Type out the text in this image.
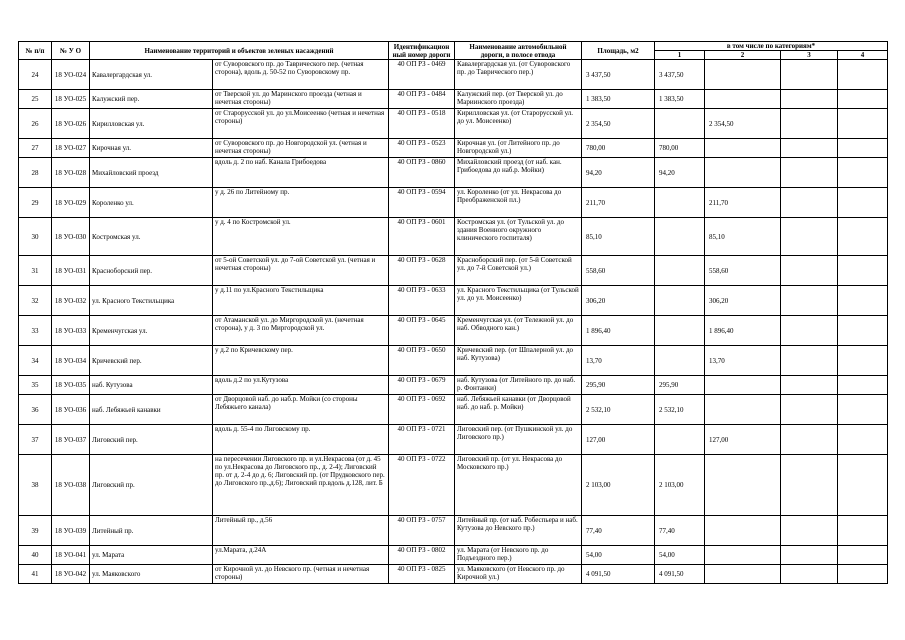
№ п/п	№ У О	Наименование территорий и объектов зеленых насаждений		Идентификацион ный номер дороги	Наименование автомобильной дороги, в полосе отвода	Площадь, м2	в том числе по категориям*			
							1	2	3	4
24	18 УО-024	Кавалергардская ул.	от Суворовского пр. до Таврического пер. (четная сторона), вдоль д. 50-52 по Суворовскому пр.	40 ОП РЗ - 0469	Кавалергардская ул. (от Суворовского пр. до Таврического пер.)	3 437,50	3 437,50			
25	18 УО-025	Калужский пер.	от Тверской ул. до Маринского проезда (четная и нечетная стороны)	40 ОП РЗ - 0484	Калужский пер. (от Тверской ул. до Мариинского проезда)	1 383,50	1 383,50			
26	18 УО-026	Кирилловская ул.	от Старорусской ул. до ул.Моисеенко (четная и нечетная стороны)	40 ОП РЗ - 0518	Кирилловская ул. (от Старорусской ул. до ул. Моисеенко)	2 354,50		2 354,50		
27	18 УО-027	Кирочная ул.	от Суворовского пр. до Новгородской ул. (четная и нечетная стороны)	40 ОП РЗ - 0523	Кирочная ул. (от Литейного пр. до Новгородской ул.)	780,00	780,00			
28	18 УО-028	Михайловский проезд	вдоль д. 2 по наб. Канала Грибоедова	40 ОП РЗ - 0860	Михайловский проезд (от наб. кан. Грибоедова до наб.р. Мойки)	94,20	94,20			
29	18 УО-029	Короленко ул.	у д. 26 по Литейному пр.	40 ОП РЗ - 0594	ул. Короленко (от ул. Некрасова до Преображенской пл.)	211,70		211,70		
30	18 УО-030	Костромская ул.	у д. 4 по Костромской ул.	40 ОП РЗ - 0601	Костромская ул. (от Тульской ул. до здания Военного окружного клинического госпиталя)	85,10		85,10		
31	18 УО-031	Красноборский пер.	от 5-ой Советской ул. до 7-ой Советской ул. (четная и нечетная стороны)	40 ОП РЗ - 0628	Красноборский пер. (от 5-й Советской ул. до 7-й Советской ул.)	558,60		558,60		
32	18 УО-032	ул. Красного Текстильщика	у д.11 по ул.Красного Текстильщика	40 ОП РЗ - 0633	ул. Красного Текстильщика (от Тульской ул. до ул. Моисеенко)	306,20		306,20		
33	18 УО-033	Кременчугская ул.	от Атаманской ул. до Миргородской ул. (нечетная сторона), у д. 3 по Миргородской ул.	40 ОП РЗ - 0645	Кременчугская ул. (от Тележной ул. до наб. Обводного кан.)	1 896,40		1 896,40		
34	18 УО-034	Кричевский пер.	у д.2 по Кричевскому пер.	40 ОП РЗ - 0650	Кричевский пер. (от Шпалерной ул. до наб. Кутузова)	13,70		13,70		
35	18 УО-035	наб. Кутузова	вдоль д.2 по ул.Кутузова	40 ОП РЗ - 0679	наб. Кутузова (от Литейного пр. до наб. р. Фонтанки)	295,90	295,90			
36	18 УО-036	наб. Лебяжьей канавки	от Дворцовой наб. до наб.р. Мойки (со стороны Лебяжьего канала)	40 ОП РЗ - 0692	наб. Лебяжьей канавки (от Дворцовой наб. до наб. р. Мойки)	2 532,10	2 532,10			
37	18 УО-037	Лиговский пер.	вдоль д. 55-4 по Лиговскому пр.	40 ОП РЗ - 0721	Лиговский пер. (от Пушкинской ул. до Лиговского пр.)	127,00		127,00		
38	18 УО-038	Лиговский пр.	на пересечении Лиговского пр. и ул.Некрасова (от д. 45 по ул.Некрасова до Лиговского пр., д. 2-4); Лиговский пр. от д. 2-4 до д. 6; Лиговский пр. (от Прудковского пер. до Лиговского пр.,д.6); Лиговский пр.вдоль д.128, лит. Б	40 ОП РЗ - 0722	Лиговский пр. (от ул. Некрасова до Московского пр.)	2 103,00	2 103,00			
39	18 УО-039	Литейный пр.	Литейный пр., д.56	40 ОП РЗ - 0757	Литейный пр. (от наб. Робеспьера и наб. Кутузова до Невского пр.)	77,40	77,40			
40	18 УО-041	ул. Марата	ул.Марата, д.24А	40 ОП РЗ - 0802	ул. Марата (от Невского пр. до Подъездного пер.)	54,00	54,00			
41	18 УО-042	ул. Маяковского	от Кирочной ул. до Невского пр. (четная и нечетная стороны)	40 ОП РЗ - 0825	ул. Маяковского (от Невского пр. до Кирочной ул.)	4 091,50	4 091,50			
